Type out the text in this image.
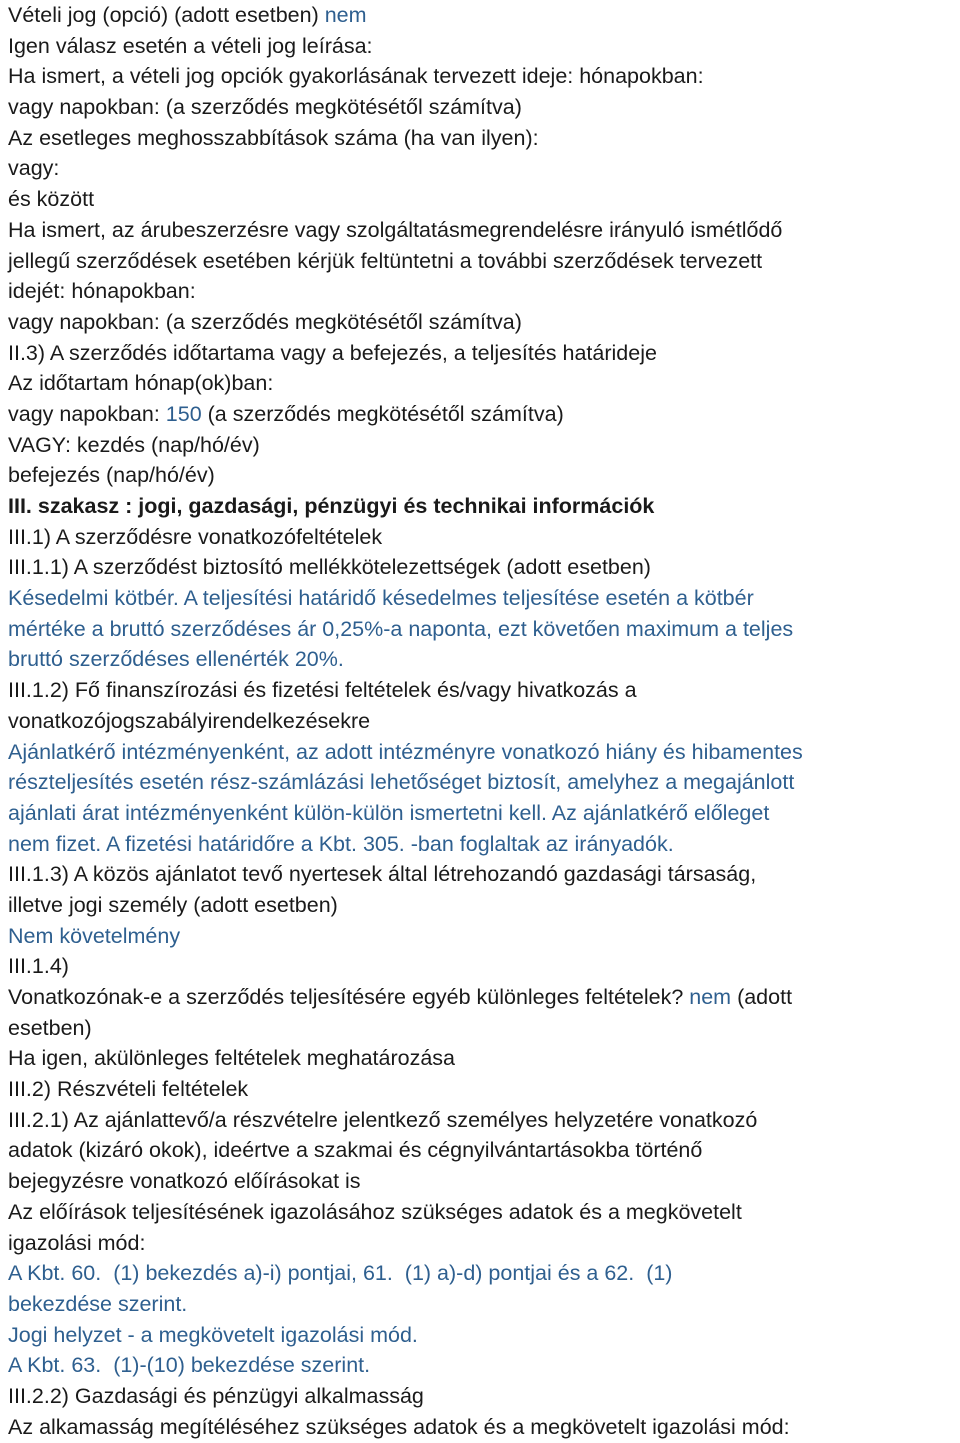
Vételi jog (opció) (adott esetben) nem
Igen válasz esetén a vételi jog leírása:
Ha ismert, a vételi jog opciók gyakorlásának tervezett ideje: hónapokban:
vagy napokban: (a szerződés megkötésétől számítva)
Az esetleges meghosszabbítások száma (ha van ilyen):
vagy:
és között
Ha ismert, az árubeszerzésre vagy szolgáltatásmegrendelésre irányuló ismétlődő
jellegű szerződések esetében kérjük feltüntetni a további szerződések tervezett
idejét: hónapokban:
vagy napokban: (a szerződés megkötésétől számítva)
II.3) A szerződés időtartama vagy a befejezés, a teljesítés határideje
Az időtartam hónap(ok)ban:
vagy napokban: 150 (a szerződés megkötésétől számítva)
VAGY: kezdés (nap/hó/év)
befejezés (nap/hó/év)
III. szakasz : jogi, gazdasági, pénzügyi és technikai információk
III.1) A szerződésre vonatkozófeltételek
III.1.1) A szerződést biztosító mellékkötelezettségek (adott esetben)
Késedelmi kötbér. A teljesítési határidő késedelmes teljesítése esetén a kötbér
mértéke a bruttó szerződéses ár 0,25%-a naponta, ezt követően maximum a teljes
bruttó szerződéses ellenérték 20%.
III.1.2) Fő finanszírozási és fizetési feltételek és/vagy hivatkozás a
vonatkozójogszabályirendelkezésekre
Ajánlatkérő intézményenként, az adott intézményre vonatkozó hiány és hibamentes
részteljesítés esetén rész-számlázási lehetőséget biztosít, amelyhez a megajánlott
ajánlati árat intézményenként külön-külön ismertetni kell. Az ajánlatkérő előleget
nem fizet. A fizetési határidőre a Kbt. 305. -ban foglaltak az irányadók.
III.1.3) A közös ajánlatot tevő nyertesek által létrehozandó gazdasági társaság,
illetve jogi személy (adott esetben)
Nem követelmény
III.1.4)
Vonatkozónak-e a szerződés teljesítésére egyéb különleges feltételek? nem (adott
esetben)
Ha igen, akülönleges feltételek meghatározása
III.2) Részvételi feltételek
III.2.1) Az ajánlattevő/a részvételre jelentkező személyes helyzetére vonatkozó
adatok (kizáró okok), ideértve a szakmai és cégnyilvántartásokba történő
bejegyzésre vonatkozó előírásokat is
Az előírások teljesítésének igazolásához szükséges adatok és a megkövetelt
igazolási mód:
A Kbt. 60.  (1) bekezdés a)-i) pontjai, 61.  (1) a)-d) pontjai és a 62.  (1)
bekezdése szerint.
Jogi helyzet - a megkövetelt igazolási mód.
A Kbt. 63.  (1)-(10) bekezdése szerint.
III.2.2) Gazdasági és pénzügyi alkalmasság
Az alkamasság megítéléséhez szükséges adatok és a megkövetelt igazolási mód:
